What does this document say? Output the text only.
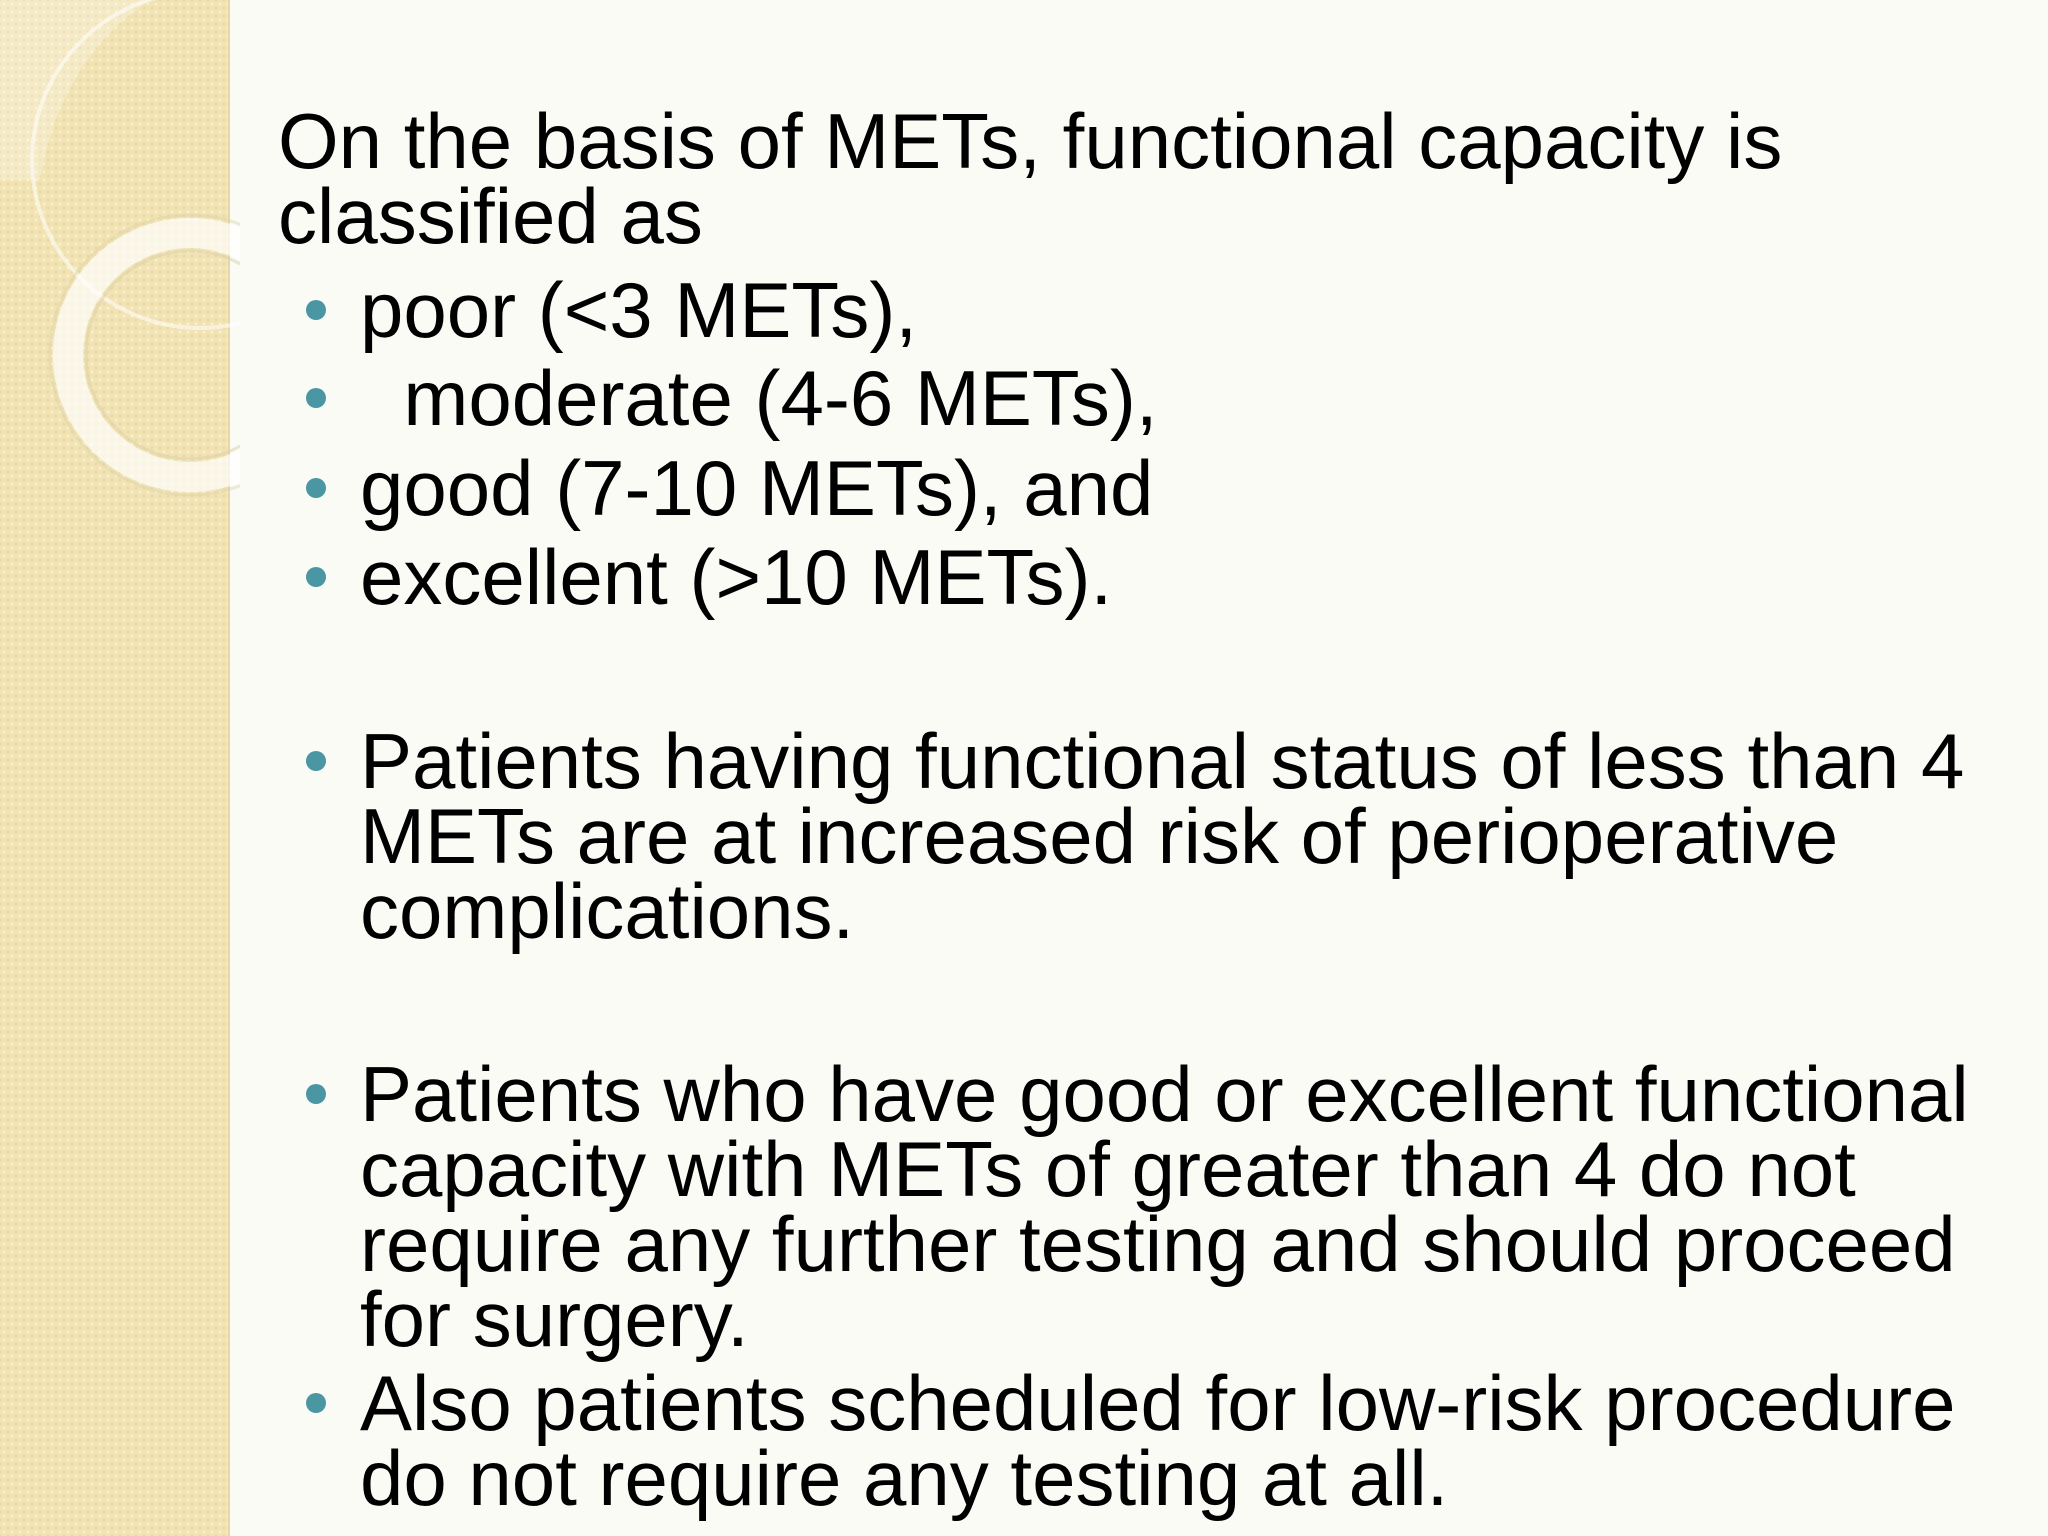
On the basis of METs, functional capacity is classified as

poor (<3 METs),
moderate (4-6 METs),
good (7-10 METs), and
excellent (>10 METs).
Patients having functional status of less than 4 METs are at increased risk of perioperative complications.
Patients who have good or excellent functional capacity with METs of greater than 4 do not require any further testing and should proceed for surgery.
Also patients scheduled for low-risk procedure do not require any testing at all.
